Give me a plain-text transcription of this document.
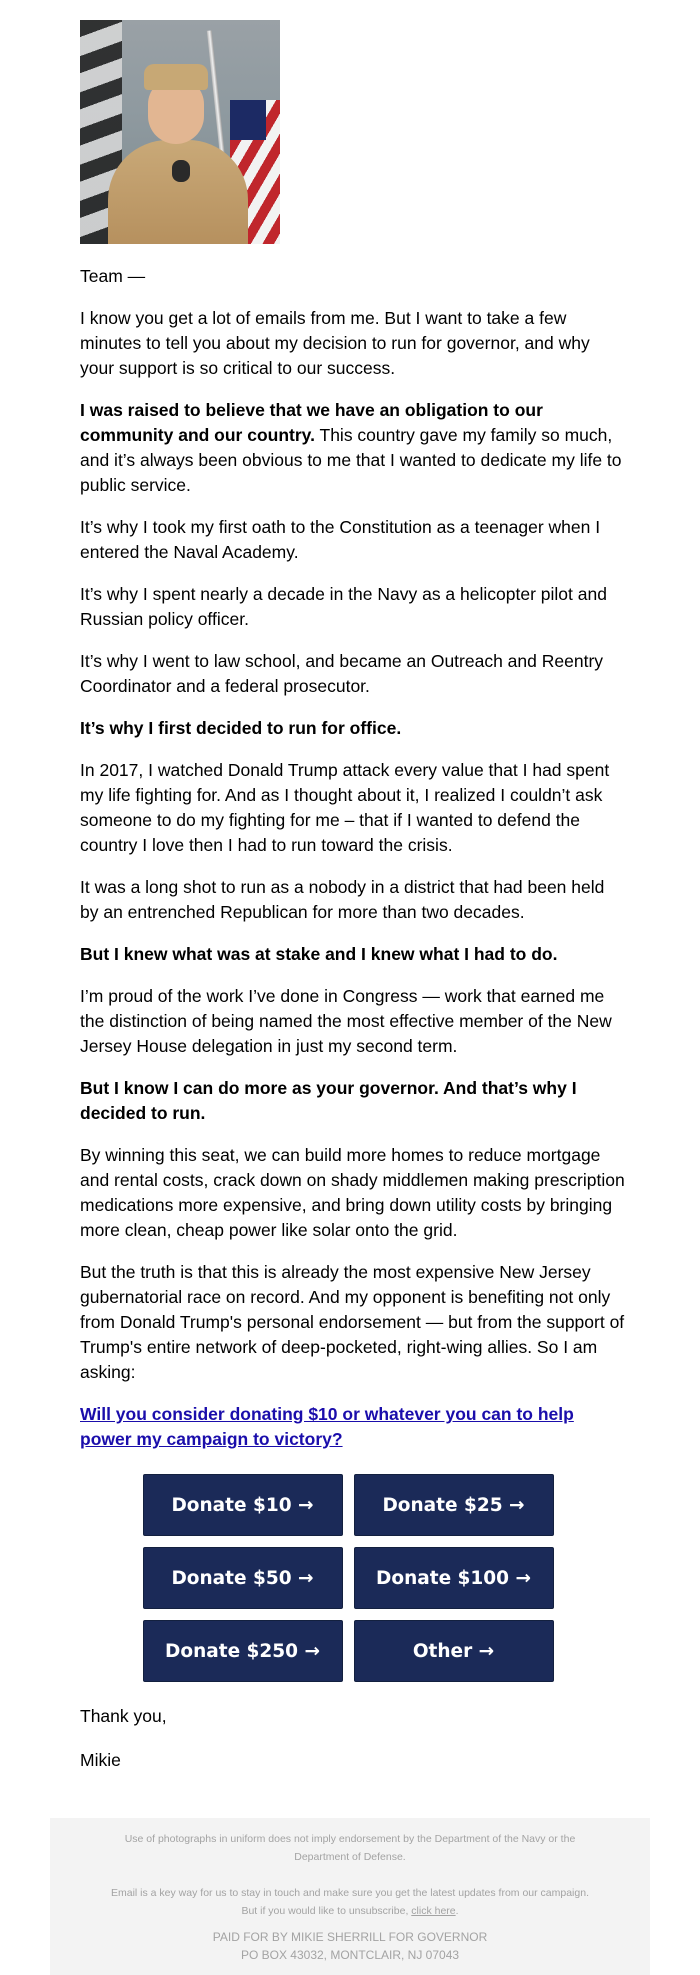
Team —

I know you get a lot of emails from me. But I want to take a few minutes to tell you about my decision to run for governor, and why your support is so critical to our success.

I was raised to believe that we have an obligation to our community and our country. This country gave my family so much, and it’s always been obvious to me that I wanted to dedicate my life to public service.

It’s why I took my first oath to the Constitution as a teenager when I entered the Naval Academy.

It’s why I spent nearly a decade in the Navy as a helicopter pilot and Russian policy officer.

It’s why I went to law school, and became an Outreach and Reentry Coordinator and a federal prosecutor.

It’s why I first decided to run for office.

In 2017, I watched Donald Trump attack every value that I had spent my life fighting for. And as I thought about it, I realized I couldn’t ask someone to do my fighting for me – that if I wanted to defend the country I love then I had to run toward the crisis.

It was a long shot to run as a nobody in a district that had been held by an entrenched Republican for more than two decades.

But I knew what was at stake and I knew what I had to do.

I’m proud of the work I’ve done in Congress — work that earned me the distinction of being named the most effective member of the New Jersey House delegation in just my second term.

But I know I can do more as your governor. And that’s why I decided to run.

By winning this seat, we can build more homes to reduce mortgage and rental costs, crack down on shady middlemen making prescription medications more expensive, and bring down utility costs by bringing more clean, cheap power like solar onto the grid.

But the truth is that this is already the most expensive New Jersey gubernatorial race on record. And my opponent is benefiting not only from Donald Trump's personal endorsement — but from the support of Trump's entire network of deep-pocketed, right-wing allies. So I am asking:

Will you consider donating $10 or whatever you can to help power my campaign to victory?
Donate $10 →	Donate $25 →
Donate $50 →	Donate $100 →
Donate $250 →	Other →

Thank you,

Mikie

Use of photographs in uniform does not imply endorsement by the Department of the Navy or the Department of Defense.
Email is a key way for us to stay in touch and make sure you get the latest updates from our campaign.
But if you would like to unsubscribe, click here.
PAID FOR BY MIKIE SHERRILL FOR GOVERNOR
PO BOX 43032, MONTCLAIR, NJ 07043
